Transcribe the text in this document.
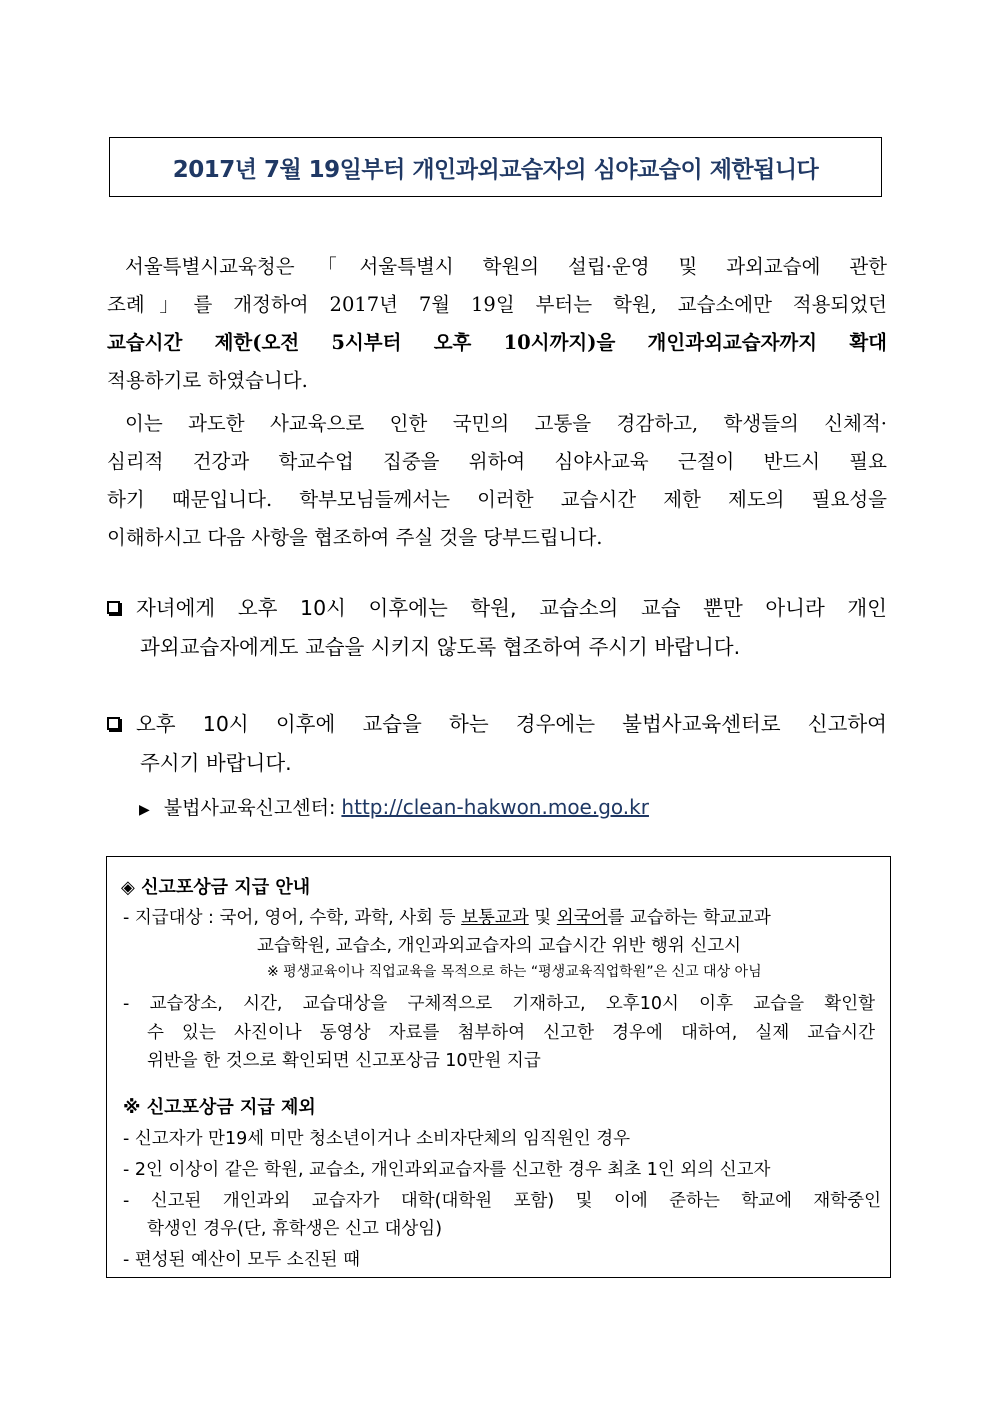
2017년 7월 19일부터 개인과외교습자의 심야교습이 제한됩니다
서울특별시교육청은「서울특별시 학원의 설립·운영 및 과외교습에 관한
조례」를 개정하여 2017년 7월 19일 부터는 학원, 교습소에만 적용되었던
교습시간 제한(오전 5시부터 오후 10시까지)을 개인과외교습자까지 확대
적용하기로 하였습니다.
이는 과도한 사교육으로 인한 국민의 고통을 경감하고, 학생들의 신체적·
심리적 건강과 학교수업 집중을 위하여 심야사교육 근절이 반드시 필요
하기 때문입니다. 학부모님들께서는 이러한 교습시간 제한 제도의 필요성을
이해하시고 다음 사항을 협조하여 주실 것을 당부드립니다.
자녀에게 오후 10시 이후에는 학원, 교습소의 교습 뿐만 아니라 개인
과외교습자에게도 교습을 시키지 않도록 협조하여 주시기 바랍니다.
오후 10시 이후에 교습을 하는 경우에는 불법사교육센터로 신고하여
주시기 바랍니다.
▶ 불법사교육신고센터: http://clean-hakwon.moe.go.kr
◈ 신고포상금 지급 안내
- 지급대상 : 국어, 영어, 수학, 과학, 사회 등 보통교과 및 외국어를 교습하는 학교교과
교습학원, 교습소, 개인과외교습자의 교습시간 위반 행위 신고시
※ 평생교육이나 직업교육을 목적으로 하는 “평생교육직업학원”은 신고 대상 아님
- 교습장소, 시간, 교습대상을 구체적으로 기재하고, 오후10시 이후 교습을 확인할
수 있는 사진이나 동영상 자료를 첨부하여 신고한 경우에 대하여, 실제 교습시간
위반을 한 것으로 확인되면 신고포상금 10만원 지급
※ 신고포상금 지급 제외
- 신고자가 만19세 미만 청소년이거나 소비자단체의 임직원인 경우
- 2인 이상이 같은 학원, 교습소, 개인과외교습자를 신고한 경우 최초 1인 외의 신고자
- 신고된 개인과외 교습자가 대학(대학원 포함) 및 이에 준하는 학교에 재학중인
학생인 경우(단, 휴학생은 신고 대상임)
- 편성된 예산이 모두 소진된 때
